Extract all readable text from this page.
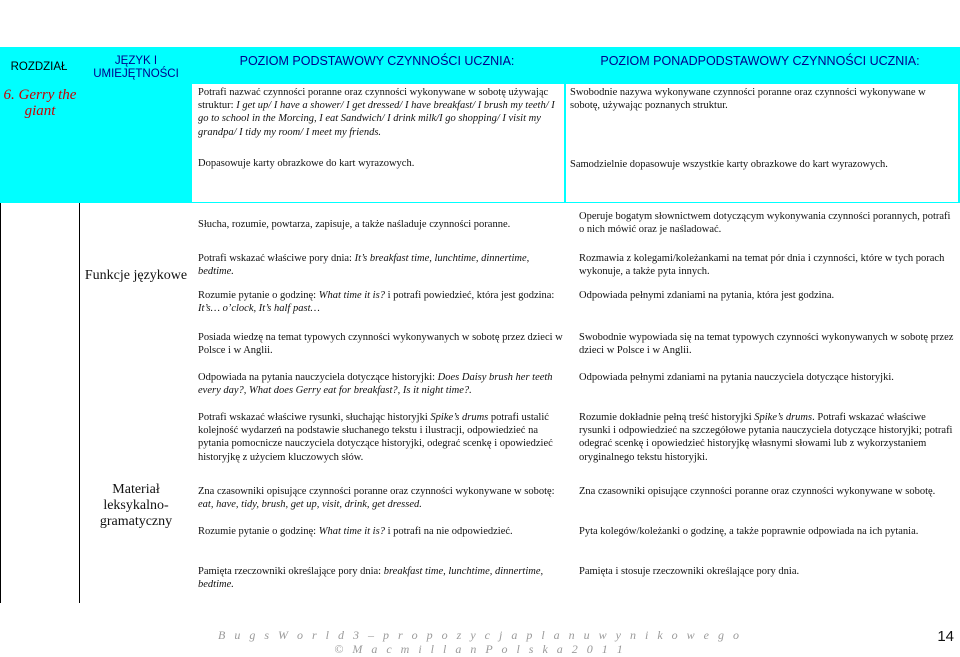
ROZDZIAŁ	JĘZYK I UMIEJĘTNOŚCI
POZIOM PODSTAWOWY CZYNNOŚCI UCZNIA:	POZIOM PONADPODSTAWOWY CZYNNOŚCI UCZNIA:
6. Gerry the giant
Potrafi nazwać czynności poranne oraz czynności wykonywane w sobotę używając struktur: I get up/ I have a shower/ I get dressed/ I have breakfast/ I brush my teeth/ I go to school in the Morcing, I eat Sandwich/ I drink milk/I go shopping/ I visit my grandpa/ I tidy my room/ I meet my friends.
Dopasowuje karty obrazkowe do kart wyrazowych.
Swobodnie nazywa wykonywane czynności poranne oraz czynności wykonywane w sobotę, używając poznanych struktur.
Samodzielnie dopasowuje wszystkie karty obrazkowe do kart wyrazowych.
Funkcje językowe
Materiał leksykalno-gramatyczny
Słucha, rozumie, powtarza, zapisuje, a także naśladuje czynności poranne.
Potrafi wskazać właściwe pory dnia: It’s breakfast time, lunchtime, dinnertime, bedtime.
Rozumie pytanie o godzinę: What time it is? i potrafi powiedzieć, która jest godzina: It’s… o’clock, It’s half past…
Posiada wiedzę na temat typowych czynności wykonywanych w sobotę przez dzieci w Polsce i w Anglii.
Odpowiada na pytania nauczyciela dotyczące historyjki: Does Daisy brush her teeth every day?, What does Gerry eat for breakfast?, Is it night time?.
Operuje bogatym słownictwem dotyczącym wykonywania czynności porannych, potrafi o nich mówić oraz je naśladować.
Rozmawia z kolegami/koleżankami na temat pór dnia i czynności, które w tych porach wykonuje, a także pyta innych.
Odpowiada pełnymi zdaniami na pytania, która jest godzina.
Swobodnie wypowiada się na temat typowych czynności wykonywanych w sobotę przez dzieci w Polsce i w Anglii.
Odpowiada pełnymi zdaniami na pytania nauczyciela dotyczące historyjki.
Potrafi wskazać właściwe rysunki, słuchając historyjki Spike’s drums potrafi ustalić kolejność wydarzeń na podstawie słuchanego tekstu i ilustracji, odpowiedzieć na pytania pomocnicze nauczyciela dotyczące historyjki, odegrać scenkę i opowiedzieć historyjkę z użyciem kluczowych słów.
Zna czasowniki opisujące czynności poranne oraz czynności wykonywane w sobotę: eat, have, tidy, brush, get up, visit, drink, get dressed.
Rozumie pytanie o godzinę: What time it is? i potrafi na nie odpowiedzieć.
Pamięta rzeczowniki określające pory dnia: breakfast time, lunchtime, dinnertime, bedtime.
Rozumie dokładnie pełną treść historyjki Spike’s drums. Potrafi wskazać właściwe rysunki i odpowiedzieć na szczegółowe pytania nauczyciela dotyczące historyjki; potrafi odegrać scenkę i opowiedzieć historyjkę własnymi słowami lub z wykorzystaniem oryginalnego tekstu historyjki.
Zna czasowniki opisujące czynności poranne oraz czynności wykonywane w sobotę.
Pyta kolegów/koleżanki o godzinę, a także poprawnie odpowiada na ich pytania.
Pamięta i stosuje rzeczowniki określające pory dnia.
B u g s W o r l d 3 – p r o p o z y c j a p l a n u w y n i k o w e g o
© M a c m i l l a n P o l s k a 2 0 1 1
14
